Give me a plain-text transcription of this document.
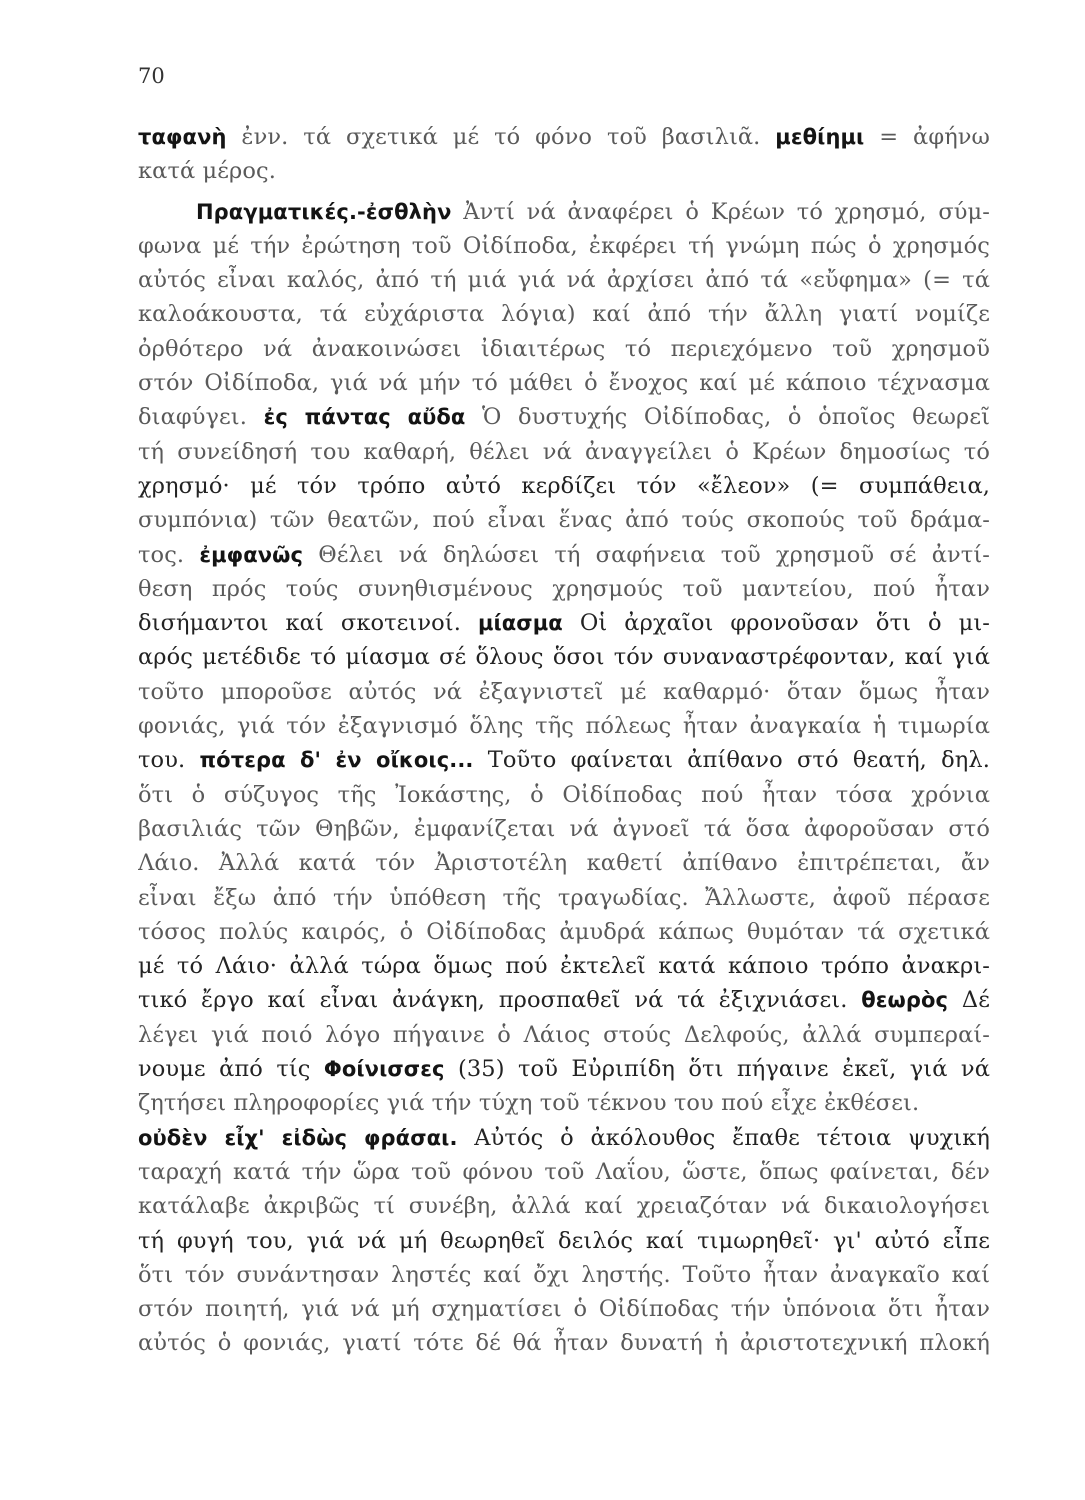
70
ταφανὴ ἐνν. τά σχετικά μέ τό φόνο τοῦ βασιλιᾶ. μεθίημι = ἀφήνω
κατά μέρος.
Πραγματικές.-ἐσθλὴν Ἀντί νά ἀναφέρει ὁ Κρέων τό χρησμό, σύμ-
φωνα μέ τήν ἐρώτηση τοῦ Οἰδίποδα, ἐκφέρει τή γνώμη πώς ὁ χρησμός
αὐτός εἶναι καλός, ἀπό τή μιά γιά νά ἀρχίσει ἀπό τά «εὔφημα» (= τά
καλοάκουστα, τά εὐχάριστα λόγια) καί ἀπό τήν ἄλλη γιατί νομίζε
ὀρθότερο νά ἀνακοινώσει ἰδιαιτέρως τό περιεχόμενο τοῦ χρησμοῦ
στόν Οἰδίποδα, γιά νά μήν τό μάθει ὁ ἔνοχος καί μέ κάποιο τέχνασμα
διαφύγει. ἐς πάντας αὔδα Ὁ δυστυχής Οἰδίποδας, ὁ ὁποῖος θεωρεῖ
τή συνείδησή του καθαρή, θέλει νά ἀναγγείλει ὁ Κρέων δημοσίως τό
χρησμό· μέ τόν τρόπο αὐτό κερδίζει τόν «ἔλεον» (= συμπάθεια,
συμπόνια) τῶν θεατῶν, πού εἶναι ἕνας ἀπό τούς σκοπούς τοῦ δράμα-
τος. ἐμφανῶς Θέλει νά δηλώσει τή σαφήνεια τοῦ χρησμοῦ σέ ἀντί-
θεση πρός τούς συνηθισμένους χρησμούς τοῦ μαντείου, πού ἦταν
δισήμαντοι καί σκοτεινοί. μίασμα Οἱ ἀρχαῖοι φρονοῦσαν ὅτι ὁ μι-
αρός μετέδιδε τό μίασμα σέ ὅλους ὅσοι τόν συναναστρέφονταν, καί γιά
τοῦτο μποροῦσε αὐτός νά ἐξαγνιστεῖ μέ καθαρμό· ὅταν ὅμως ἦταν
φονιάς, γιά τόν ἐξαγνισμό ὅλης τῆς πόλεως ἦταν ἀναγκαία ἡ τιμωρία
του. πότερα δ' ἐν οἴκοις... Τοῦτο φαίνεται ἀπίθανο στό θεατή, δηλ.
ὅτι ὁ σύζυγος τῆς Ἰοκάστης, ὁ Οἰδίποδας πού ἦταν τόσα χρόνια
βασιλιάς τῶν Θηβῶν, ἐμφανίζεται νά ἀγνοεῖ τά ὅσα ἀφοροῦσαν στό
Λάιο. Ἀλλά κατά τόν Ἀριστοτέλη καθετί ἀπίθανο ἐπιτρέπεται, ἄν
εἶναι ἔξω ἀπό τήν ὑπόθεση τῆς τραγωδίας. Ἄλλωστε, ἀφοῦ πέρασε
τόσος πολύς καιρός, ὁ Οἰδίποδας ἀμυδρά κάπως θυμόταν τά σχετικά
μέ τό Λάιο· ἀλλά τώρα ὅμως πού ἐκτελεῖ κατά κάποιο τρόπο ἀνακρι-
τικό ἔργο καί εἶναι ἀνάγκη, προσπαθεῖ νά τά ἐξιχνιάσει. θεωρὸς Δέ
λέγει γιά ποιό λόγο πήγαινε ὁ Λάιος στούς Δελφούς, ἀλλά συμπεραί-
νουμε ἀπό τίς Φοίνισσες (35) τοῦ Εὐριπίδη ὅτι πήγαινε ἐκεῖ, γιά νά
ζητήσει πληροφορίες γιά τήν τύχη τοῦ τέκνου του πού εἶχε ἐκθέσει.
οὐδὲν εἶχ' εἰδὼς φράσαι. Αὐτός ὁ ἀκόλουθος ἔπαθε τέτοια ψυχική
ταραχή κατά τήν ὥρα τοῦ φόνου τοῦ Λαΐου, ὥστε, ὅπως φαίνεται, δέν
κατάλαβε ἀκριβῶς τί συνέβη, ἀλλά καί χρειαζόταν νά δικαιολογήσει
τή φυγή του, γιά νά μή θεωρηθεῖ δειλός καί τιμωρηθεῖ· γι' αὐτό εἶπε
ὅτι τόν συνάντησαν ληστές καί ὄχι ληστής. Τοῦτο ἦταν ἀναγκαῖο καί
στόν ποιητή, γιά νά μή σχηματίσει ὁ Οἰδίποδας τήν ὑπόνοια ὅτι ἦταν
αὐτός ὁ φονιάς, γιατί τότε δέ θά ἦταν δυνατή ἡ ἀριστοτεχνική πλοκή
